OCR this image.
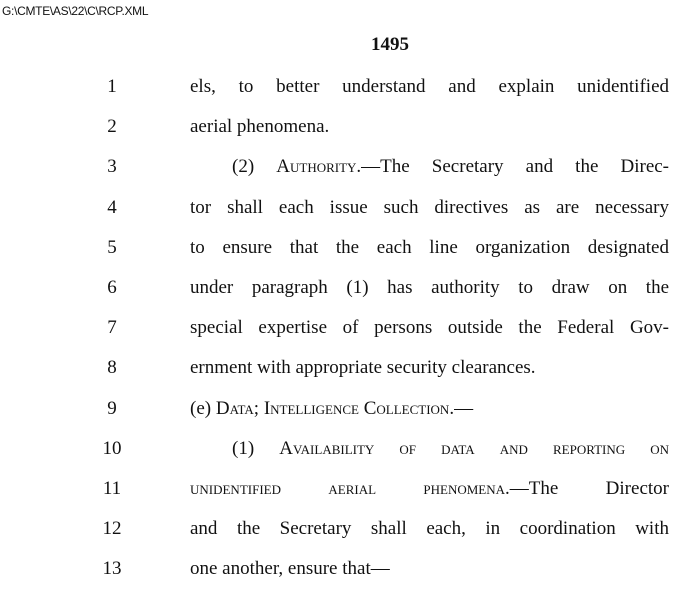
G:\CMTE\AS\22\C\RCP.XML
1495
1	els, to better understand and explain unidentified
2	aerial phenomena.
3	(2) Authority.—The Secretary and the Direc-
4	tor shall each issue such directives as are necessary
5	to ensure that the each line organization designated
6	under paragraph (1) has authority to draw on the
7	special expertise of persons outside the Federal Gov-
8	ernment with appropriate security clearances.
9	(e) Data; Intelligence Collection.—
10	(1) Availability of data and reporting on
11	unidentified aerial phenomena.—The Director
12	and the Secretary shall each, in coordination with
13	one another, ensure that—
